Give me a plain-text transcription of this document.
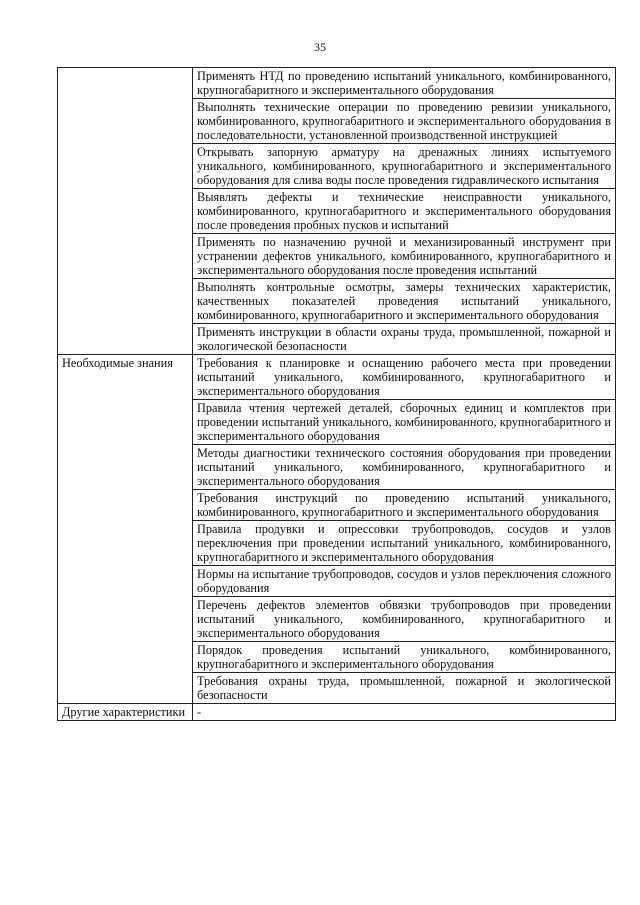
35
	Применять НТД по проведению испытаний уникального, комбинированного, крупногабаритного и экспериментального оборудования
	Выполнять технические операции по проведению ревизии уникального, комбинированного, крупногабаритного и экспериментального оборудования в последовательности, установленной производственной инструкцией
	Открывать запорную арматуру на дренажных линиях испытуемого уникального, комбинированного, крупногабаритного и экспериментального оборудования для слива воды после проведения гидравлического испытания
	Выявлять дефекты и технические неисправности уникального, комбинированного, крупногабаритного и экспериментального оборудования после проведения пробных пусков и испытаний
	Применять по назначению ручной и механизированный инструмент при устранении дефектов уникального, комбинированного, крупногабаритного и экспериментального оборудования после проведения испытаний
	Выполнять контрольные осмотры, замеры технических характеристик, качественных показателей проведения испытаний уникального, комбинированного, крупногабаритного и экспериментального оборудования
	Применять инструкции в области охраны труда, промышленной, пожарной и экологической безопасности
Необходимые знания	Требования к планировке и оснащению рабочего места при проведении испытаний уникального, комбинированного, крупногабаритного и экспериментального оборудования
	Правила чтения чертежей деталей, сборочных единиц и комплектов при проведении испытаний уникального, комбинированного, крупногабаритного и экспериментального оборудования
	Методы диагностики технического состояния оборудования при проведении испытаний уникального, комбинированного, крупногабаритного и экспериментального оборудования
	Требования инструкций по проведению испытаний уникального, комбинированного, крупногабаритного и экспериментального оборудования
	Правила продувки и опрессовки трубопроводов, сосудов и узлов переключения при проведении испытаний уникального, комбинированного, крупногабаритного и экспериментального оборудования
	Нормы на испытание трубопроводов, сосудов и узлов переключения сложного оборудования
	Перечень дефектов элементов обвязки трубопроводов при проведении испытаний уникального, комбинированного, крупногабаритного и экспериментального оборудования
	Порядок проведения испытаний уникального, комбинированного, крупногабаритного и экспериментального оборудования
	Требования охраны труда, промышленной, пожарной и экологической безопасности
Другие характеристики	-
